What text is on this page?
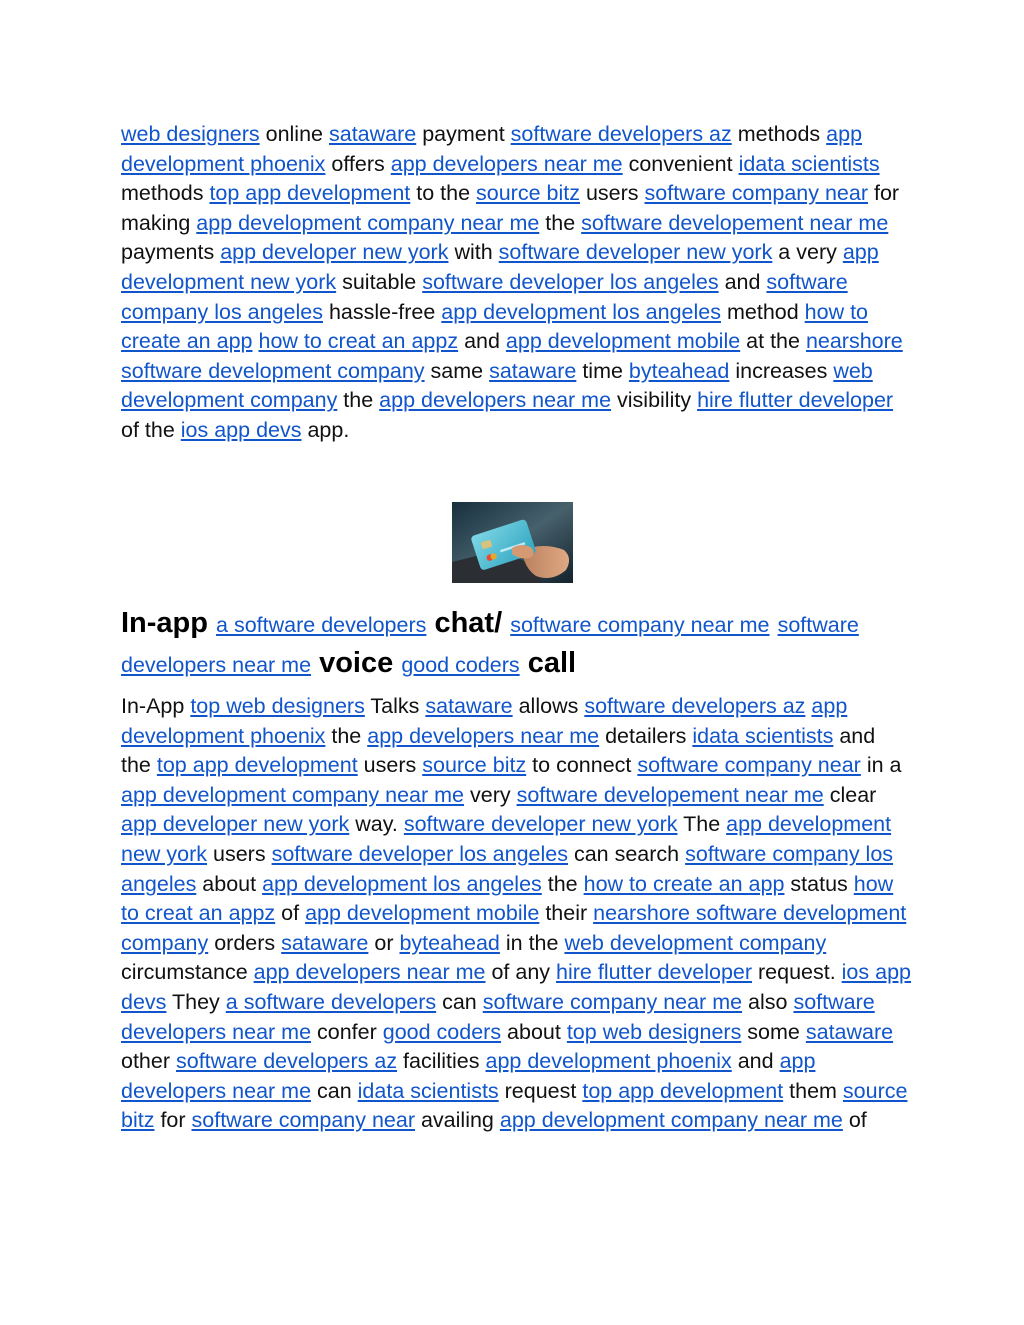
web designers online sataware payment software developers az methods app development phoenix offers app developers near me convenient idata scientists methods top app development to the source bitz users software company near for making app development company near me the software developement near me payments app developer new york with software developer new york a very app development new york suitable software developer los angeles and software company los angeles hassle-free app development los angeles method how to create an app how to creat an appz and app development mobile at the nearshore software development company same sataware time byteahead increases web development company the app developers near me visibility hire flutter developer of the ios app devs app.

In-app a software developers chat/ software company near me software developers near me voice good coders call

In-App top web designers Talks sataware allows software developers az app development phoenix the app developers near me detailers idata scientists and the top app development users source bitz to connect software company near in a app development company near me very software developement near me clear app developer new york way. software developer new york The app development new york users software developer los angeles can search software company los angeles about app development los angeles the how to create an app status how to creat an appz of app development mobile their nearshore software development company orders sataware or byteahead in the web development company circumstance app developers near me of any hire flutter developer request. ios app devs They a software developers can software company near me also software developers near me confer good coders about top web designers some sataware other software developers az facilities app development phoenix and app developers near me can idata scientists request top app development them source bitz for software company near availing app development company near me of
